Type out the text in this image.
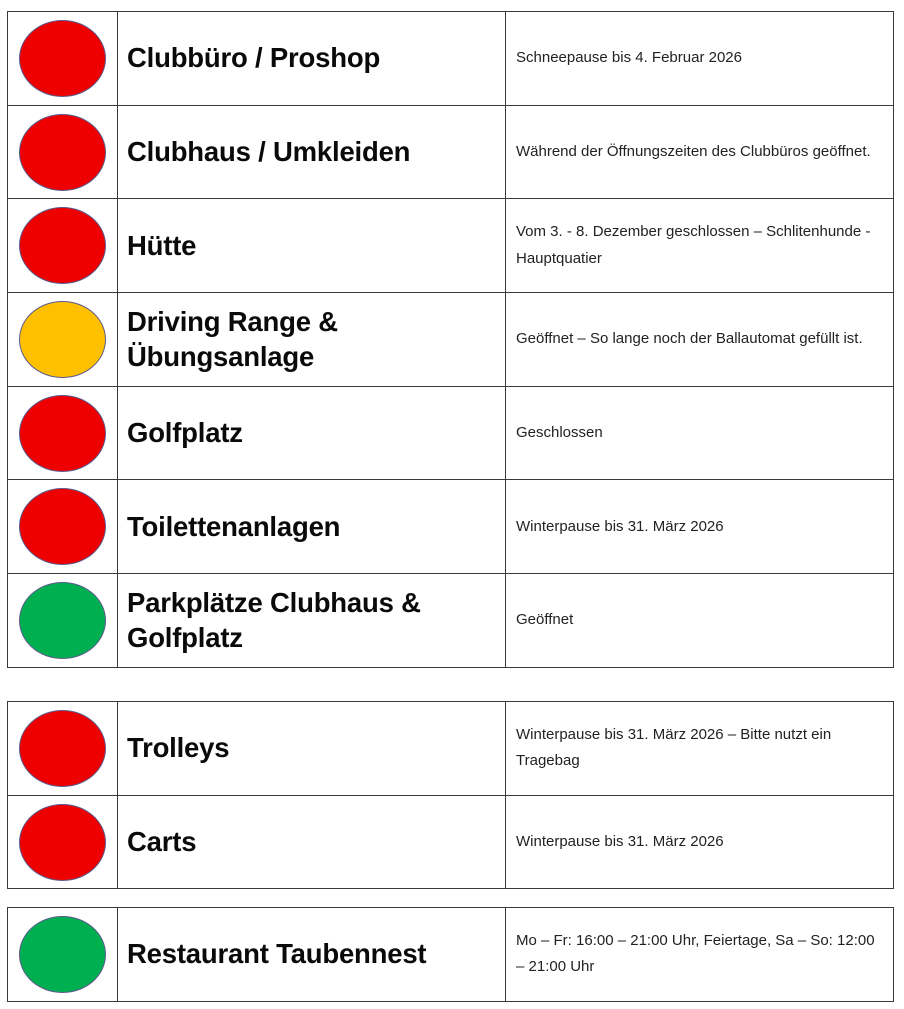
	Clubbüro / Proshop	Schneepause bis 4. Februar 2026
	Clubhaus / Umkleiden	Während der Öffnungszeiten des Clubbüros geöffnet.
	Hütte	Vom 3. - 8. Dezember geschlossen – Schlitenhunde - Hauptquatier
	Driving Range & Übungsanlage	Geöffnet – So lange noch der Ballautomat gefüllt ist.
	Golfplatz	Geschlossen
	Toilettenanlagen	Winterpause bis 31. März 2026
	Parkplätze Clubhaus & Golfplatz	Geöffnet
	Trolleys	Winterpause bis 31. März 2026 – Bitte nutzt ein Tragebag
	Carts	Winterpause bis 31. März 2026
	Restaurant Taubennest	Mo – Fr: 16:00 – 21:00 Uhr, Feiertage, Sa – So: 12:00 – 21:00 Uhr
